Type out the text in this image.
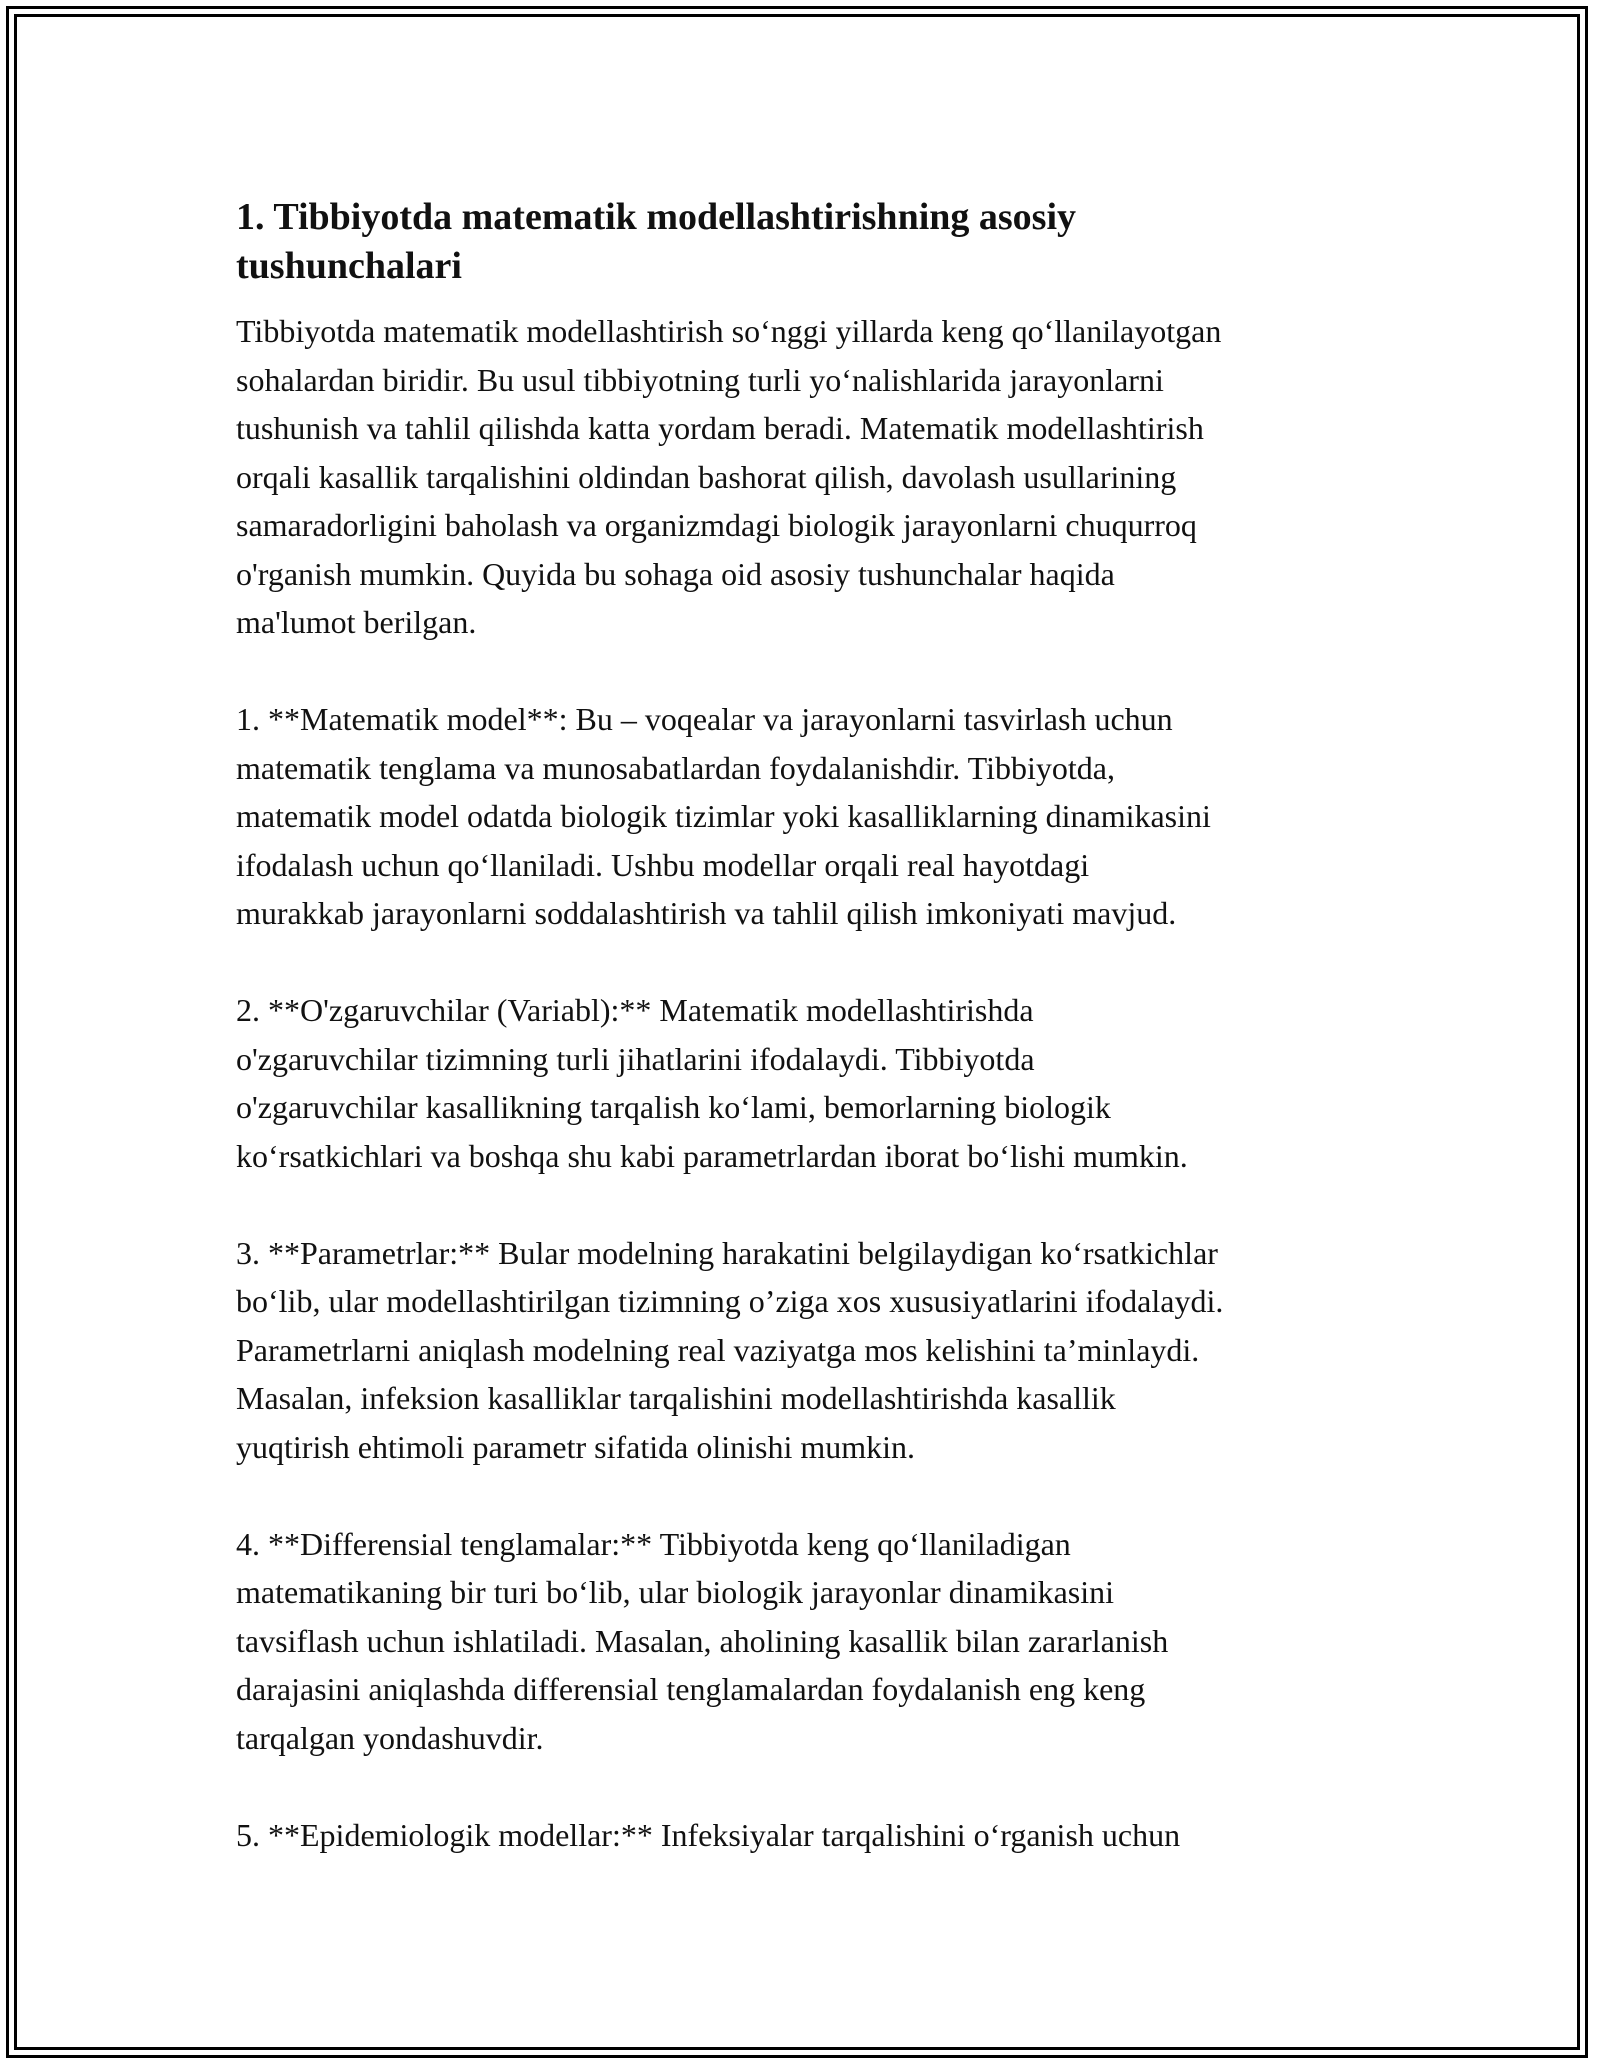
1. Tibbiyotda matematik modellashtirishning asosiy
tushunchalari
Tibbiyotda matematik modellashtirish so‘nggi yillarda keng qo‘llanilayotgan
sohalardan biridir. Bu usul tibbiyotning turli yo‘nalishlarida jarayonlarni
tushunish va tahlil qilishda katta yordam beradi. Matematik modellashtirish
orqali kasallik tarqalishini oldindan bashorat qilish, davolash usullarining
samaradorligini baholash va organizmdagi biologik jarayonlarni chuqurroq
o'rganish mumkin. Quyida bu sohaga oid asosiy tushunchalar haqida
ma'lumot berilgan.
1. **Matematik model**: Bu – voqealar va jarayonlarni tasvirlash uchun
matematik tenglama va munosabatlardan foydalanishdir. Tibbiyotda,
matematik model odatda biologik tizimlar yoki kasalliklarning dinamikasini
ifodalash uchun qo‘llaniladi. Ushbu modellar orqali real hayotdagi
murakkab jarayonlarni soddalashtirish va tahlil qilish imkoniyati mavjud.
2. **O'zgaruvchilar (Variabl):** Matematik modellashtirishda
o'zgaruvchilar tizimning turli jihatlarini ifodalaydi. Tibbiyotda
o'zgaruvchilar kasallikning tarqalish ko‘lami, bemorlarning biologik
ko‘rsatkichlari va boshqa shu kabi parametrlardan iborat bo‘lishi mumkin.
3. **Parametrlar:** Bular modelning harakatini belgilaydigan ko‘rsatkichlar
bo‘lib, ular modellashtirilgan tizimning o’ziga xos xususiyatlarini ifodalaydi.
Parametrlarni aniqlash modelning real vaziyatga mos kelishini ta’minlaydi.
Masalan, infeksion kasalliklar tarqalishini modellashtirishda kasallik
yuqtirish ehtimoli parametr sifatida olinishi mumkin.
4. **Differensial tenglamalar:** Tibbiyotda keng qo‘llaniladigan
matematikaning bir turi bo‘lib, ular biologik jarayonlar dinamikasini
tavsiflash uchun ishlatiladi. Masalan, aholining kasallik bilan zararlanish
darajasini aniqlashda differensial tenglamalardan foydalanish eng keng
tarqalgan yondashuvdir.
5. **Epidemiologik modellar:** Infeksiyalar tarqalishini o‘rganish uchun
